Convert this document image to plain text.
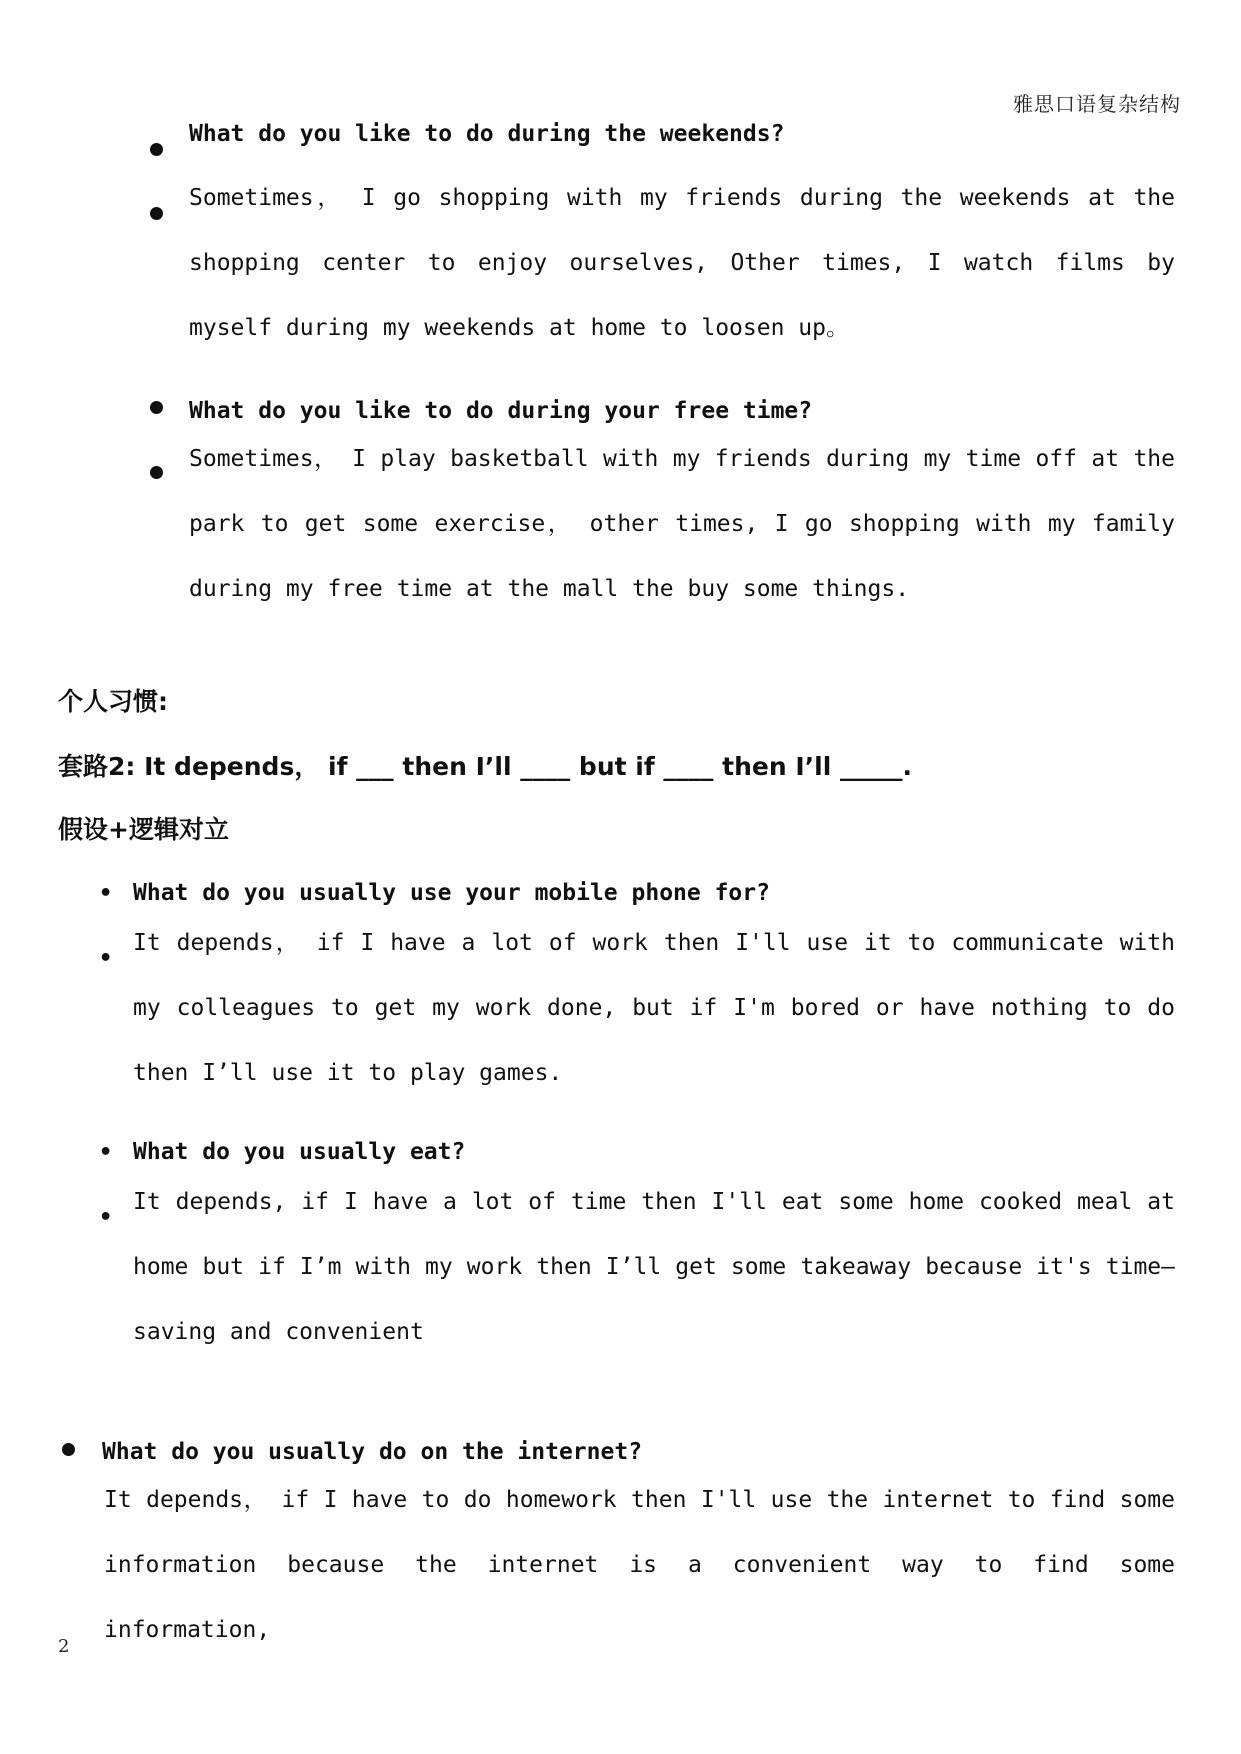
雅思口语复杂结构
What do you like to do during the weekends?
Sometimes， I go shopping with my friends during the weekends at the shopping center to enjoy ourselves, Other times, I watch films by myself during my weekends at home to loosen up。
What do you like to do during your free time?
Sometimes， I play basketball with my friends during my time off at the park to get some exercise， other times, I go shopping with my family during my free time at the mall the buy some things.
个人习惯:
套路2: It depends， if ___ then I’ll ____ but if ____ then I’ll _____.
假设+逻辑对立
• What do you usually use your mobile phone for?
•
It depends， if I have a lot of work then I'll use it to communicate with my colleagues to get my work done, but if I'm bored or have nothing to do then I’ll use it to play games.
• What do you usually eat?
•
It depends, if I have a lot of time then I'll eat some home cooked meal at home but if I’m with my work then I’ll get some takeaway because it's time—saving and convenient
What do you usually do on the internet?
It depends， if I have to do homework then I'll use the internet to find some information because the internet is a convenient way to find some information,
2
